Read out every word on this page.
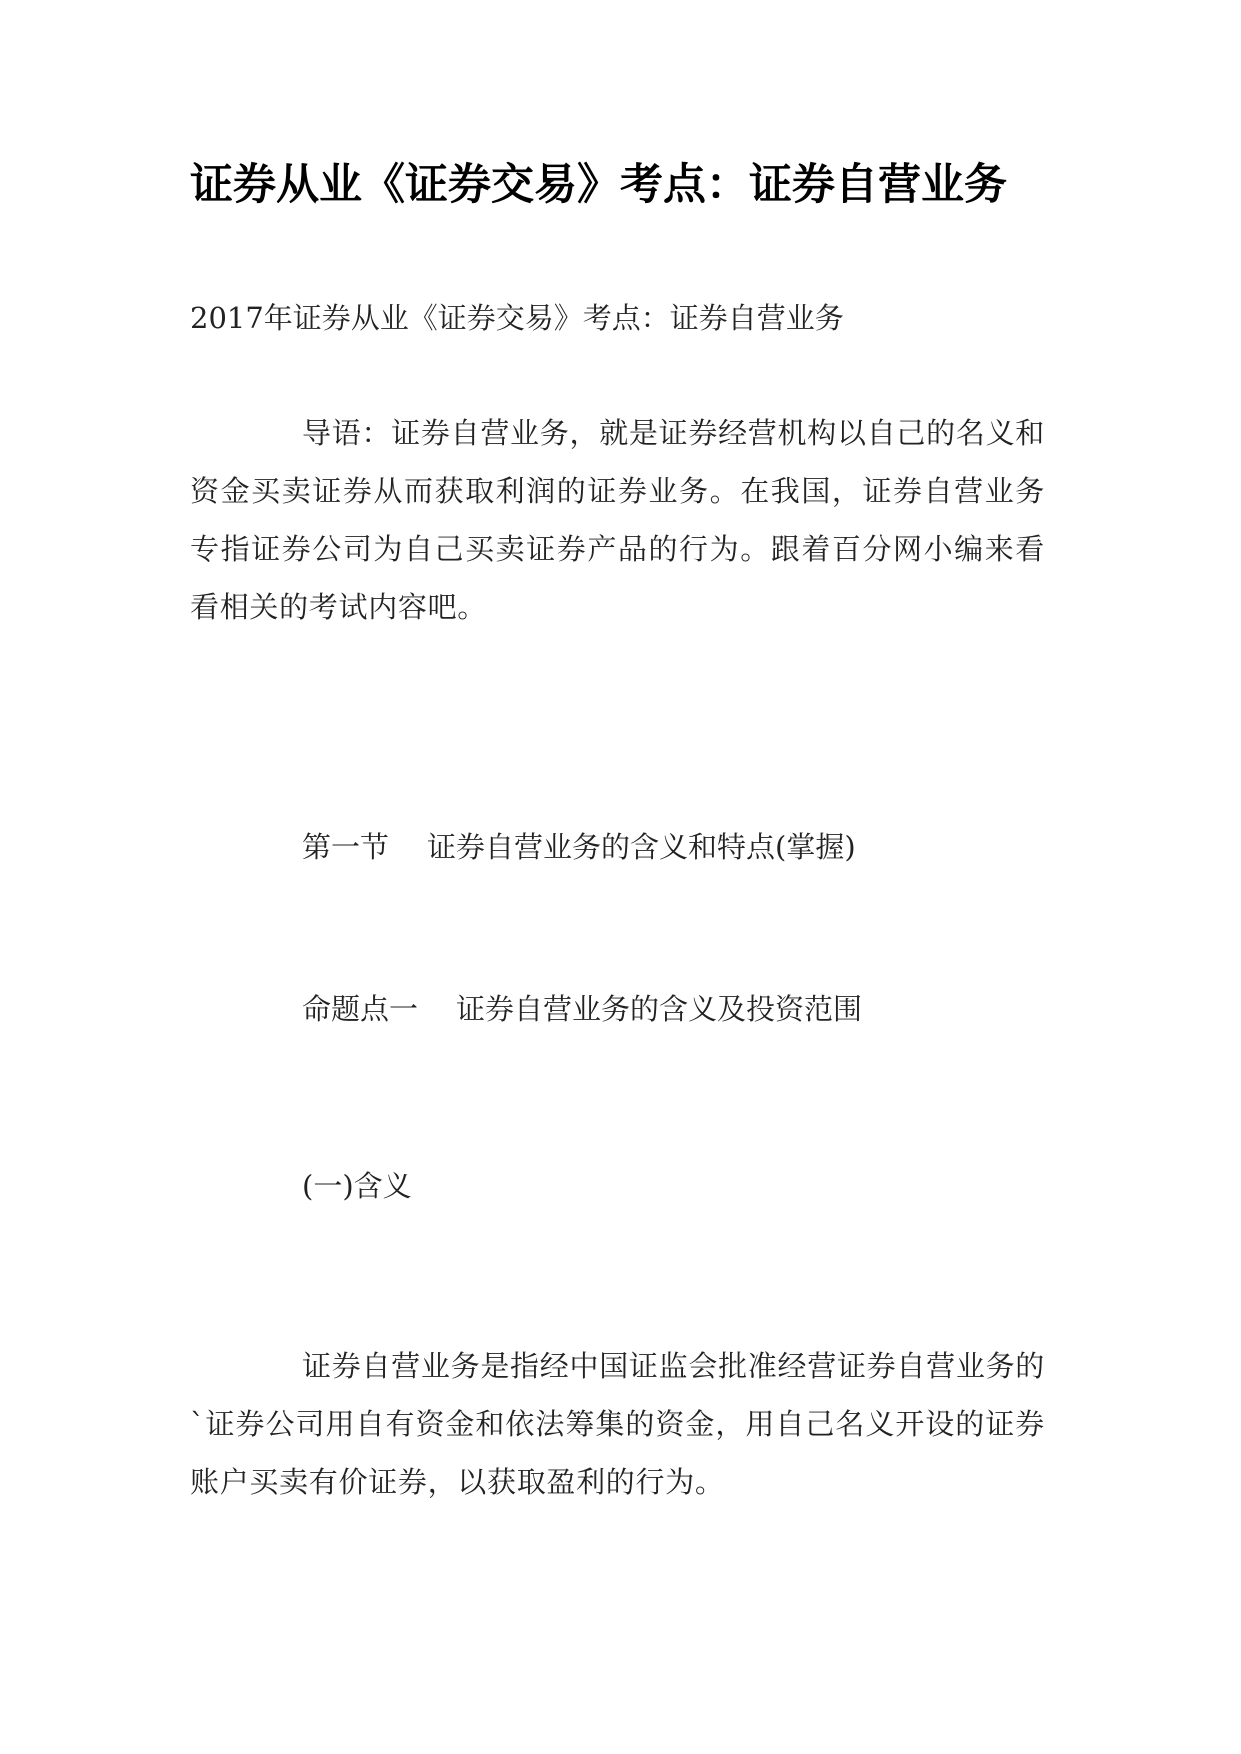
证券从业《证券交易》考点：证券自营业务

2017年证券从业《证券交易》考点：证券自营业务

导语：证券自营业务，就是证券经营机构以自己的名义和资金买卖证券从而获取利润的证券业务。在我国，证券自营业务专指证券公司为自己买卖证券产品的行为。跟着百分网小编来看看相关的考试内容吧。

第一节 证券自营业务的含义和特点(掌握)

命题点一 证券自营业务的含义及投资范围

(一)含义

证券自营业务是指经中国证监会批准经营证券自营业务的`证券公司用自有资金和依法筹集的资金，用自己名义开设的证券账户买卖有价证券，以获取盈利的行为。
